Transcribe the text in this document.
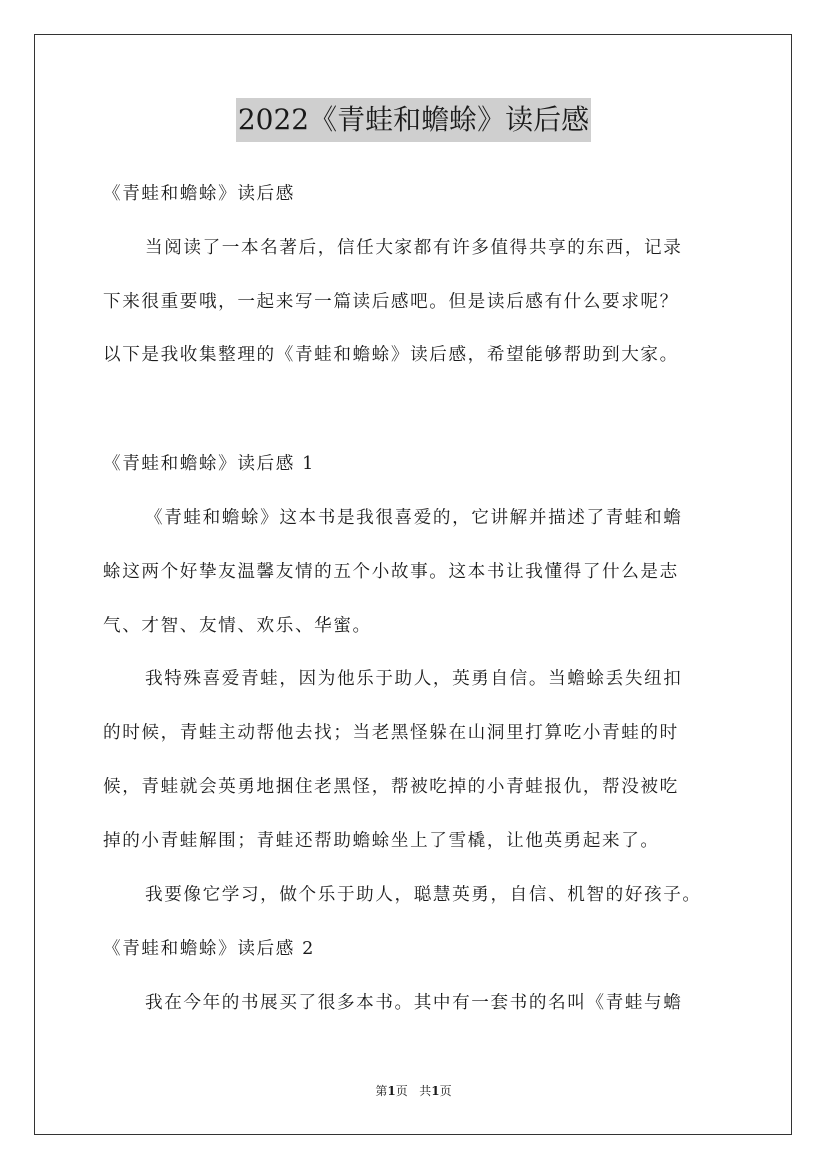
2022《青蛙和蟾蜍》读后感
《青蛙和蟾蜍》读后感
当阅读了一本名著后，信任大家都有许多值得共享的东西，记录
下来很重要哦，一起来写一篇读后感吧。但是读后感有什么要求呢？
以下是我收集整理的《青蛙和蟾蜍》读后感，希望能够帮助到大家。
《青蛙和蟾蜍》读后感 1
《青蛙和蟾蜍》这本书是我很喜爱的，它讲解并描述了青蛙和蟾
蜍这两个好挚友温馨友情的五个小故事。这本书让我懂得了什么是志
气、才智、友情、欢乐、华蜜。
我特殊喜爱青蛙，因为他乐于助人，英勇自信。当蟾蜍丢失纽扣
的时候，青蛙主动帮他去找；当老黑怪躲在山洞里打算吃小青蛙的时
候，青蛙就会英勇地捆住老黑怪，帮被吃掉的小青蛙报仇，帮没被吃
掉的小青蛙解围；青蛙还帮助蟾蜍坐上了雪橇，让他英勇起来了。
我要像它学习，做个乐于助人，聪慧英勇，自信、机智的好孩子。
《青蛙和蟾蜍》读后感 2
我在今年的书展买了很多本书。其中有一套书的名叫《青蛙与蟾
第1页 共1页
